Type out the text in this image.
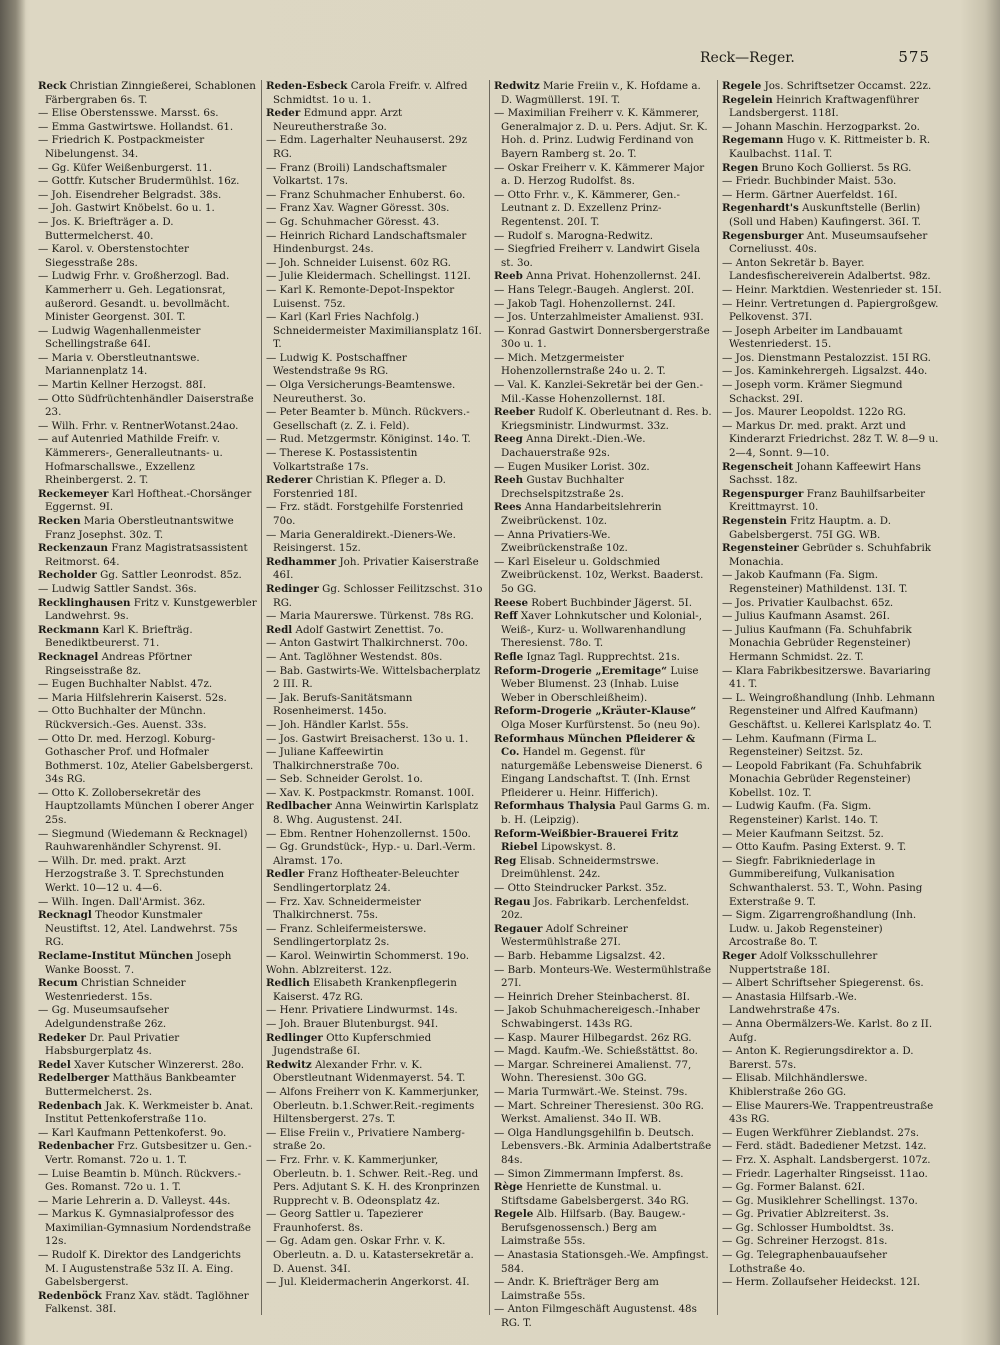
Reck—Reger.	575

Reck Christian Zinngießerei, Schablonen Färbergraben 6s. T.

— Elise Oberstensswe. Marsst. 6s.

— Emma Gastwirtswe. Hollandst. 61.

— Friedrich K. Postpackmeister Nibelungenst. 34.

— Gg. Küfer Weißenburgerst. 11.

— Gottfr. Kutscher Brudermühlst. 16z.

— Joh. Eisendreher Belgradst. 38s.

— Joh. Gastwirt Knöbelst. 6o u. 1.

— Jos. K. Briefträger a. D. Buttermelcherst. 40.

— Karol. v. Oberstenstochter Siegesstraße 28s.

— Ludwig Frhr. v. Großherzogl. Bad. Kammerherr u. Geh. Legationsrat, außerord. Gesandt. u. bevollmächt. Minister Georgenst. 30I. T.

— Ludwig Wagenhallenmeister Schellingstraße 64I.

— Maria v. Oberstleutnantswe. Mariannenplatz 14.

— Martin Kellner Herzogst. 88I.

— Otto Südfrüchtenhändler Daiserstraße 23.

— Wilh. Frhr. v. RentnerWotanst.24ao.

— auf Autenried Mathilde Freifr. v. Kämmerers-, Generalleutnants- u. Hofmarschallswe., Exzellenz Rheinbergerst. 2. T.

Reckemeyer Karl Hoftheat.-Chorsänger Eggernst. 9I.

Recken Maria Oberstleutnantswitwe Franz Josephst. 30z. T.

Reckenzaun Franz Magistratsassistent Reitmorst. 64.

Recholder Gg. Sattler Leonrodst. 85z.

— Ludwig Sattler Sandst. 36s.

Recklinghausen Fritz v. Kunstgewerbler Landwehrst. 9s.

Reckmann Karl K. Briefträg. Benediktbeurerst. 71.

Recknagel Andreas Pförtner Ringseisstraße 8z.

— Eugen Buchhalter Nablst. 47z.

— Maria Hilfslehrerin Kaiserst. 52s.

— Otto Buchhalter der Münchn. Rückversich.-Ges. Auenst. 33s.

— Otto Dr. med. Herzogl. Koburg-Gothascher Prof. und Hofmaler Bothmerst. 10z, Atelier Gabelsbergerst. 34s RG.

— Otto K. Zollobersekretär des Hauptzollamts München I oberer Anger 25s.

— Siegmund (Wiedemann & Recknagel) Rauhwarenhändler Schyrenst. 9I.

— Wilh. Dr. med. prakt. Arzt Herzogstraße 3. T. Sprechstunden Werkt. 10—12 u. 4—6.

— Wilh. Ingen. Dall'Armist. 36z.

Recknagl Theodor Kunstmaler Neustiftst. 12, Atel. Landwehrst. 75s RG.

Reclame-Institut München Joseph Wanke Boosst. 7.

Recum Christian Schneider Westenriederst. 15s.

— Gg. Museumsaufseher Adelgundenstraße 26z.

Redeker Dr. Paul Privatier Habsburgerplatz 4s.

Redel Xaver Kutscher Winzererst. 28o.

Redelberger Matthäus Bankbeamter Buttermelcherst. 2s.

Redenbach Jak. K. Werkmeister b. Anat. Institut Pettenkoferstraße 11o.

— Karl Kaufmann Pettenkoferst. 9o.

Redenbacher Frz. Gutsbesitzer u. Gen.-Vertr. Romanst. 72o u. 1. T.

— Luise Beamtin b. Münch. Rückvers.-Ges. Romanst. 72o u. 1. T.

— Marie Lehrerin a. D. Valleyst. 44s.

— Markus K. Gymnasialprofessor des Maximilian-Gymnasium Nordendstraße 12s.

— Rudolf K. Direktor des Landgerichts M. I Augustenstraße 53z II. A. Eing. Gabelsbergerst.

Redenböck Franz Xav. städt. Taglöhner Falkenst. 38I.

Reden-Esbeck Carola Freifr. v. Alfred Schmidtst. 1o u. 1.

Reder Edmund appr. Arzt Neureutherstraße 3o.

— Edm. Lagerhalter Neuhauserst. 29z RG.

— Franz (Broili) Landschaftsmaler Volkartst. 17s.

— Franz Schuhmacher Enhuberst. 6o.

— Franz Xav. Wagner Göresst. 30s.

— Gg. Schuhmacher Göresst. 43.

— Heinrich Richard Landschaftsmaler Hindenburgst. 24s.

— Joh. Schneider Luisenst. 60z RG.

— Julie Kleidermach. Schellingst. 112I.

— Karl K. Remonte-Depot-Inspektor Luisenst. 75z.

— Karl (Karl Fries Nachfolg.) Schneidermeister Maximiliansplatz 16I. T.

— Ludwig K. Postschaffner Westendstraße 9s RG.

— Olga Versicherungs-Beamtenswe. Neureutherst. 3o.

— Peter Beamter b. Münch. Rückvers.-Gesellschaft (z. Z. i. Feld).

— Rud. Metzgermstr. Königinst. 14o. T.

— Therese K. Postassistentin Volkartstraße 17s.

Rederer Christian K. Pfleger a. D. Forstenried 18I.

— Frz. städt. Forstgehilfe Forstenried 70o.

— Maria Generaldirekt.-Dieners-We. Reisingerst. 15z.

Redhammer Joh. Privatier Kaiserstraße 46I.

Redinger Gg. Schlosser Feilitzschst. 31o RG.

— Maria Maurerswe. Türkenst. 78s RG.

Redl Adolf Gastwirt Zenettist. 7o.

— Anton Gastwirt Thalkirchnerst. 70o.

— Ant. Taglöhner Westendst. 80s.

— Bab. Gastwirts-We. Wittelsbacherplatz 2 III. R.

— Jak. Berufs-Sanitätsmann Rosenheimerst. 145o.

— Joh. Händler Karlst. 55s.

— Jos. Gastwirt Breisacherst. 13o u. 1.

— Juliane Kaffeewirtin Thalkirchnerstraße 70o.

— Seb. Schneider Gerolst. 1o.

— Xav. K. Postpackmstr. Romanst. 100I.

Redlbacher Anna Weinwirtin Karlsplatz 8. Whg. Augustenst. 24I.

— Ebm. Rentner Hohenzollernst. 150o.

— Gg. Grundstück-, Hyp.- u. Darl.-Verm. Alramst. 17o.

Redler Franz Hoftheater-Beleuchter Sendlingertorplatz 24.

— Frz. Xav. Schneidermeister Thalkirchnerst. 75s.

— Franz. Schleifermeisterswe. Sendlingertorplatz 2s.

— Karol. Weinwirtin Schommerst. 19o.

Wohn. Ablzreiterst. 12z.

Redlich Elisabeth Krankenpflegerin Kaiserst. 47z RG.

— Henr. Privatiere Lindwurmst. 14s.

— Joh. Brauer Blutenburgst. 94I.

Redlinger Otto Kupferschmied Jugendstraße 6I.

Redwitz Alexander Frhr. v. K. Oberstleutnant Widenmayerst. 54. T.

— Alfons Freiherr von K. Kammerjunker, Oberleutn. b.1.Schwer.Reit.-regiments Hiltensbergerst. 27s. T.

— Elise Freiin v., Privatiere Namberg-straße 2o.

— Frz. Frhr. v. K. Kammerjunker, Oberleutn. b. 1. Schwer. Reit.-Reg. und Pers. Adjutant S. K. H. des Kronprinzen Rupprecht v. B. Odeonsplatz 4z.

— Georg Sattler u. Tapezierer Fraunhoferst. 8s.

— Gg. Adam gen. Oskar Frhr. v. K. Oberleutn. a. D. u. Katastersekretär a. D. Auenst. 34I.

— Jul. Kleidermacherin Angerkorst. 4I.

Redwitz Marie Freiin v., K. Hofdame a. D. Wagmüllerst. 19I. T.

— Maximilian Freiherr v. K. Kämmerer, Generalmajor z. D. u. Pers. Adjut. Sr. K. Hoh. d. Prinz. Ludwig Ferdinand von Bayern Ramberg st. 2o. T.

— Oskar Freiherr v. K. Kämmerer Major a. D. Herzog Rudolfst. 8s.

— Otto Frhr. v., K. Kämmerer, Gen.-Leutnant z. D. Exzellenz Prinz-Regentenst. 20I. T.

— Rudolf s. Marogna-Redwitz.

— Siegfried Freiherr v. Landwirt Gisela st. 3o.

Reeb Anna Privat. Hohenzollernst. 24I.

— Hans Telegr.-Baugeh. Anglerst. 20I.

— Jakob Tagl. Hohenzollernst. 24I.

— Jos. Unterzahlmeister Amalienst. 93I.

— Konrad Gastwirt Donnersbergerstraße 30o u. 1.

— Mich. Metzgermeister Hohenzollernstraße 24o u. 2. T.

— Val. K. Kanzlei-Sekretär bei der Gen.-Mil.-Kasse Hohenzollernst. 18I.

Reeber Rudolf K. Oberleutnant d. Res. b. Kriegsministr. Lindwurmst. 33z.

Reeg Anna Direkt.-Dien.-We. Dachauerstraße 92s.

— Eugen Musiker Lorist. 30z.

Reeh Gustav Buchhalter Drechselspitzstraße 2s.

Rees Anna Handarbeitslehrerin Zweibrückenst. 10z.

— Anna Privatiers-We. Zweibrückenstraße 10z.

— Karl Eiseleur u. Goldschmied Zweibrückenst. 10z, Werkst. Baaderst. 5o GG.

Reese Robert Buchbinder Jägerst. 5I.

Reff Xaver Lohnkutscher und Kolonial-, Weiß-, Kurz- u. Wollwarenhandlung Theresienst. 78o. T.

Refle Ignaz Tagl. Rupprechtst. 21s.

Reform-Drogerie „Eremitage“ Luise Weber Blumenst. 23 (Inhab. Luise Weber in Oberschleißheim).

Reform-Drogerie „Kräuter-Klause“ Olga Moser Kurfürstenst. 5o (neu 9o).

Reformhaus München Pfleiderer & Co. Handel m. Gegenst. für naturgemäße Lebensweise Dienerst. 6 Eingang Landschaftst. T. (Inh. Ernst Pfleiderer u. Heinr. Hifferich).

Reformhaus Thalysia Paul Garms G. m. b. H. (Leipzig).

Reform-Weißbier-Brauerei Fritz Riebel Lipowskyst. 8.

Reg Elisab. Schneidermstrswe. Dreimühlenst. 24z.

— Otto Steindrucker Parkst. 35z.

Regau Jos. Fabrikarb. Lerchenfeldst. 20z.

Regauer Adolf Schreiner Westermühlstraße 27I.

— Barb. Hebamme Ligsalzst. 42.

— Barb. Monteurs-We. Westermühlstraße 27I.

— Heinrich Dreher Steinbacherst. 8I.

— Jakob Schuhmachereigesch.-Inhaber Schwabingerst. 143s RG.

— Kasp. Maurer Hilbegardst. 26z RG.

— Magd. Kaufm.-We. Schießstättst. 8o.

— Margar. Schreinerei Amalienst. 77, Wohn. Theresienst. 30o GG.

— Maria Turmwärt.-We. Steinst. 79s.

— Mart. Schreiner Theresienst. 30o RG. Werkst. Amalienst. 34o II. WB.

— Olga Handlungsgehilfin b. Deutsch. Lebensvers.-Bk. Arminia Adalbertstraße 84s.

— Simon Zimmermann Impferst. 8s.

Rège Henriette de Kunstmal. u. Stiftsdame Gabelsbergerst. 34o RG.

Regele Alb. Hilfsarb. (Bay. Baugew.-Berufsgenossensch.) Berg am Laimstraße 55s.

— Anastasia Stationsgeh.-We. Ampfingst. 584.

— Andr. K. Briefträger Berg am Laimstraße 55s.

— Anton Filmgeschäft Augustenst. 48s RG. T.

Regele Jos. Schriftsetzer Occamst. 22z.

Regelein Heinrich Kraftwagenführer Landsbergerst. 118I.

— Johann Maschin. Herzogparkst. 2o.

Regemann Hugo v. K. Rittmeister b. R. Kaulbachst. 11aI. T.

Regen Bruno Koch Gollierst. 5s RG.

— Friedr. Buchbinder Maist. 53o.

— Herm. Gärtner Auerfeldst. 16I.

Regenhardt's Auskunftstelle (Berlin) (Soll und Haben) Kaufingerst. 36I. T.

Regensburger Ant. Museumsaufseher Corneliusst. 40s.

— Anton Sekretär b. Bayer. Landesfischereiverein Adalbertst. 98z.

— Heinr. Marktdien. Westenrieder st. 15I.

— Heinr. Vertretungen d. Papiergroßgew. Pelkovenst. 37I.

— Joseph Arbeiter im Landbauamt Westenriederst. 15.

— Jos. Dienstmann Pestalozzist. 15I RG.

— Jos. Kaminkehrergeh. Ligsalzst. 44o.

— Joseph vorm. Krämer Siegmund Schackst. 29I.

— Jos. Maurer Leopoldst. 122o RG.

— Markus Dr. med. prakt. Arzt und Kinderarzt Friedrichst. 28z T. W. 8—9 u. 2—4, Sonnt. 9—10.

Regenscheit Johann Kaffeewirt Hans Sachsst. 18z.

Regenspurger Franz Bauhilfsarbeiter Kreittmayrst. 10.

Regenstein Fritz Hauptm. a. D. Gabelsbergerst. 75I GG. WB.

Regensteiner Gebrüder s. Schuhfabrik Monachia.

— Jakob Kaufmann (Fa. Sigm. Regensteiner) Mathildenst. 13I. T.

— Jos. Privatier Kaulbachst. 65z.

— Julius Kaufmann Asamst. 26I.

— Julius Kaufmann (Fa. Schuhfabrik Monachia Gebrüder Regensteiner) Hermann Schmidst. 2z. T.

— Klara Fabrikbesitzerswe. Bavariaring 41. T.

— L. Weingroßhandlung (Inhb. Lehmann Regensteiner und Alfred Kaufmann) Geschäftst. u. Kellerei Karlsplatz 4o. T.

— Lehm. Kaufmann (Firma L. Regensteiner) Seitzst. 5z.

— Leopold Fabrikant (Fa. Schuhfabrik Monachia Gebrüder Regensteiner) Kobellst. 10z. T.

— Ludwig Kaufm. (Fa. Sigm. Regensteiner) Karlst. 14o. T.

— Meier Kaufmann Seitzst. 5z.

— Otto Kaufm. Pasing Exterst. 9. T.

— Siegfr. Fabrikniederlage in Gummibereifung, Vulkanisation Schwanthalerst. 53. T., Wohn. Pasing Exterstraße 9. T.

— Sigm. Zigarrengroßhandlung (Inh. Ludw. u. Jakob Regensteiner) Arcostraße 8o. T.

Reger Adolf Volksschullehrer Nuppertstraße 18I.

— Albert Schriftseher Spiegerenst. 6s.

— Anastasia Hilfsarb.-We. Landwehrstraße 47s.

— Anna Obermälzers-We. Karlst. 8o z II. Aufg.

— Anton K. Regierungsdirektor a. D. Barerst. 57s.

— Elisab. Milchhändlerswe. Khiblerstraße 26o GG.

— Elise Maurers-We. Trappentreustraße 43s RG.

— Eugen Werkführer Zieblandst. 27s.

— Ferd. städt. Badediener Metzst. 14z.

— Frz. X. Asphalt. Landsbergerst. 107z.

— Friedr. Lagerhalter Ringseisst. 11ao.

— Gg. Former Balanst. 62I.

— Gg. Musiklehrer Schellingst. 137o.

— Gg. Privatier Ablzreiterst. 3s.

— Gg. Schlosser Humboldtst. 3s.

— Gg. Schreiner Herzogst. 81s.

— Gg. Telegraphenbauaufseher Lothstraße 4o.

— Herm. Zollaufseher Heideckst. 12I.
